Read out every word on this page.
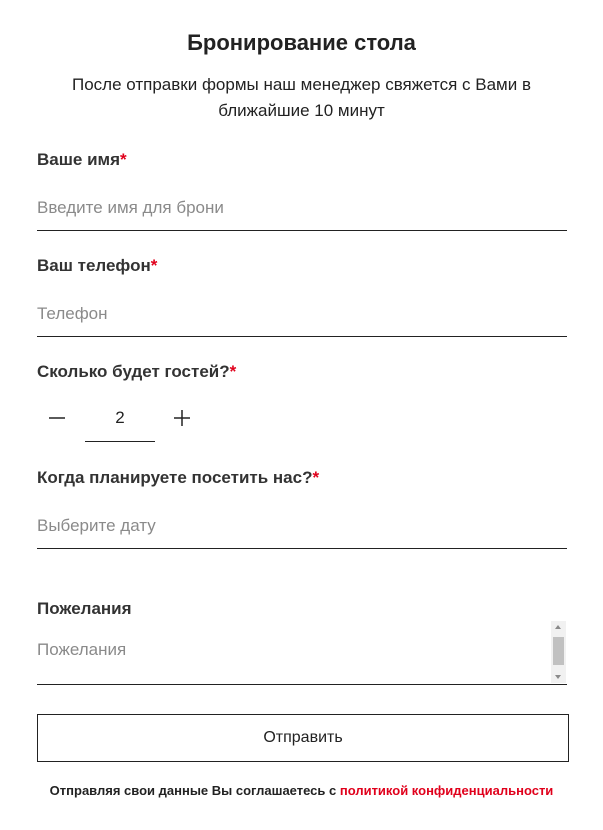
Бронирование стола
После отправки формы наш менеджер свяжется с Вами в ближайшие 10 минут
Ваше имя*
Введите имя для брони
Ваш телефон*
Телефон
Сколько будет гостей?*
2
Когда планируете посетить нас?*
Выберите дату
Пожелания
Пожелания
Отправить
Отправляя свои данные Вы соглашаетесь с политикой конфиденциальности
